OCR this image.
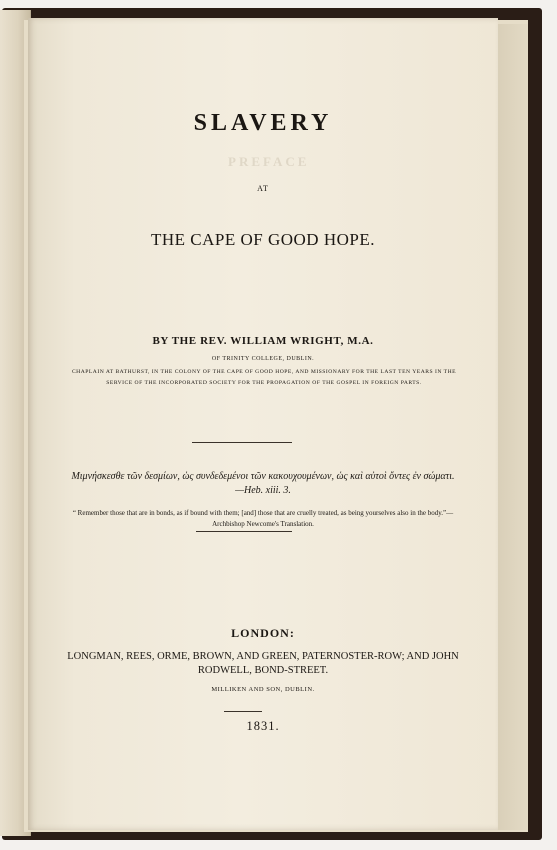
PREFACE
SLAVERY

AT

THE CAPE OF GOOD HOPE.

BY THE REV. WILLIAM WRIGHT, M.A.

OF TRINITY COLLEGE, DUBLIN.

CHAPLAIN AT BATHURST, IN THE COLONY OF THE CAPE OF GOOD HOPE, AND MISSIONARY FOR THE LAST TEN YEARS IN THE SERVICE OF THE INCORPORATED SOCIETY FOR THE PROPAGATION OF THE GOSPEL IN FOREIGN PARTS.

Μιμνήσκεσθε τῶν δεσμίων, ὡς συνδεδεμένοι τῶν κακουχουμένων, ὡς καὶ αὐτοὶ ὄντες ἐν σώματι.—Heb. xiii. 3.

“ Remember those that are in bonds, as if bound with them; [and] those that are cruelly treated, as being yourselves also in the body.”—Archbishop Newcome's Translation.

LONDON:

LONGMAN, REES, ORME, BROWN, AND GREEN, PATERNOSTER-ROW; AND JOHN RODWELL, BOND-STREET.

MILLIKEN AND SON, DUBLIN.

1831.
